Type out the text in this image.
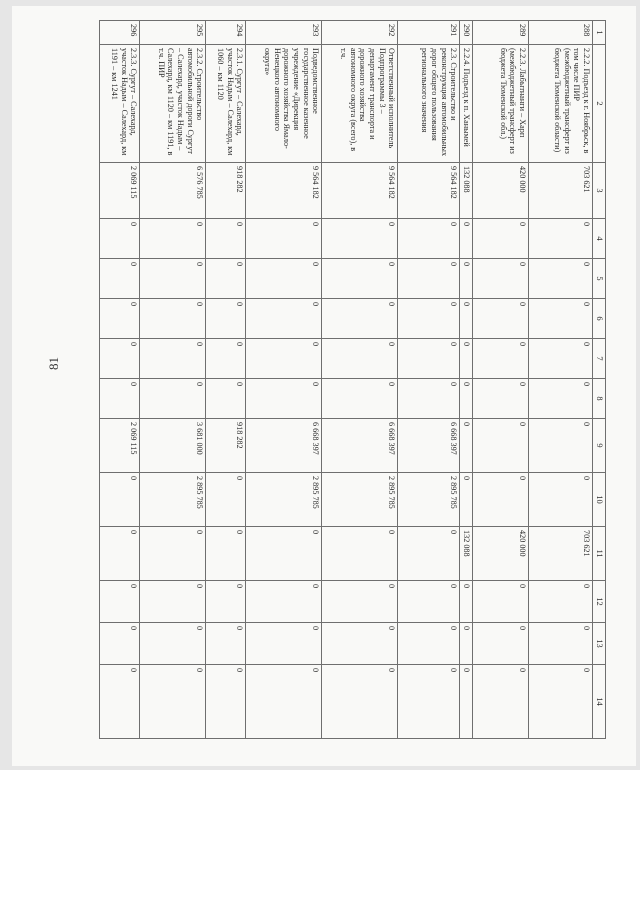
81
1	2	3	4	5	6	7	8	9	10	11	12	13	14
288	2.2.2. Подъезд к г. Ноябрьск, в том числе ПИР (межбюджетный трансферт из бюджета Тюменской области)	703 621	0	0	0	0	0	0	0	703 621	0	0	0
289	2.2.3. Лабытнанги – Харп (межбюджетный трансферт из бюджета Тюменской обл.)	420 000	0	0	0	0	0	0	0	420 000	0	0	0
290	2.2.4. Подъезд к п. Ханымей	132 088	0	0	0	0	0	0	0	132 088	0	0	0
291	2.3. Строительство и реконструкция автомобильных дорог общего пользования регионального значения	9 564 182	0	0	0	0	0	6 668 397	2 895 785	0	0	0	0
292	Ответственный исполнитель Подпрограммы 3 – департамент транспорта и дорожного хозяйства автономного округа (всего), в т.ч.	9 564 182	0	0	0	0	0	6 668 397	2 895 785	0	0	0	0
293	Подведомственное государственное казенное учреждение «Дирекция дорожного хозяйства Ямало-Ненецкого автономного округа»	9 564 182	0	0	0	0	0	6 668 397	2 895 785	0	0	0	0
294	2.3.1. Сургут – Салехард, участок Надым – Салехард, км 1060 – км 1120	918 282	0	0	0	0	0	918 282	0	0	0	0	0
295	2.3.2. Строительство автомобильной дороги Сургут – Салехард, участок Надым – Салехард, км 1120 – км 1191, в т.ч. ПИР	6 576 785	0	0	0	0	0	3 681 000	2 895 785	0	0	0	0
296	2.3.3. Сургут – Салехард, участок Надым – Салехард, км 1191 – км 1241	2 069 115	0	0	0	0	0	2 069 115	0	0	0	0	0
